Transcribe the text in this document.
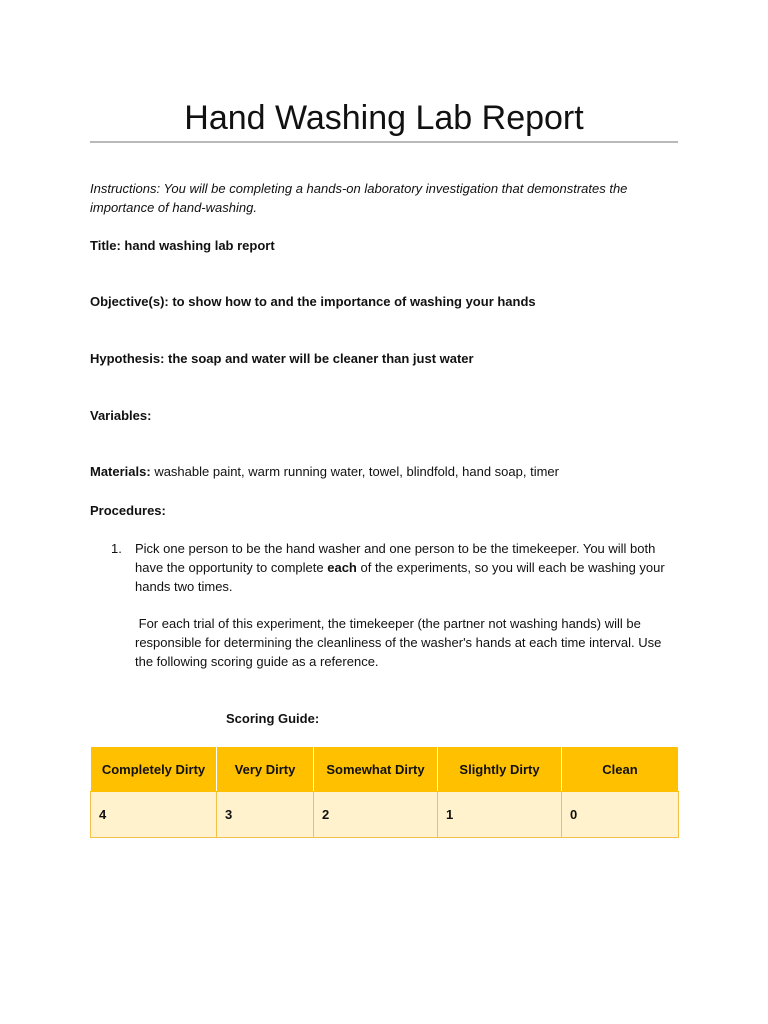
Hand Washing Lab Report

Instructions: You will be completing a hands-on laboratory investigation that demonstrates the importance of hand-washing.

Title: hand washing lab report

Objective(s): to show how to and the importance of washing your hands

Hypothesis: the soap and water will be cleaner than just water

Variables:

Materials: washable paint, warm running water, towel, blindfold, hand soap, timer

Procedures:

1. Pick one person to be the hand washer and one person to be the timekeeper. You will both have the opportunity to complete each of the experiments, so you will each be washing your hands two times.

For each trial of this experiment, the timekeeper (the partner not washing hands) will be responsible for determining the cleanliness of the washer's hands at each time interval. Use the following scoring guide as a reference.

Scoring Guide:
Completely Dirty	Very Dirty	Somewhat Dirty	Slightly Dirty	Clean
4	3	2	1	0
